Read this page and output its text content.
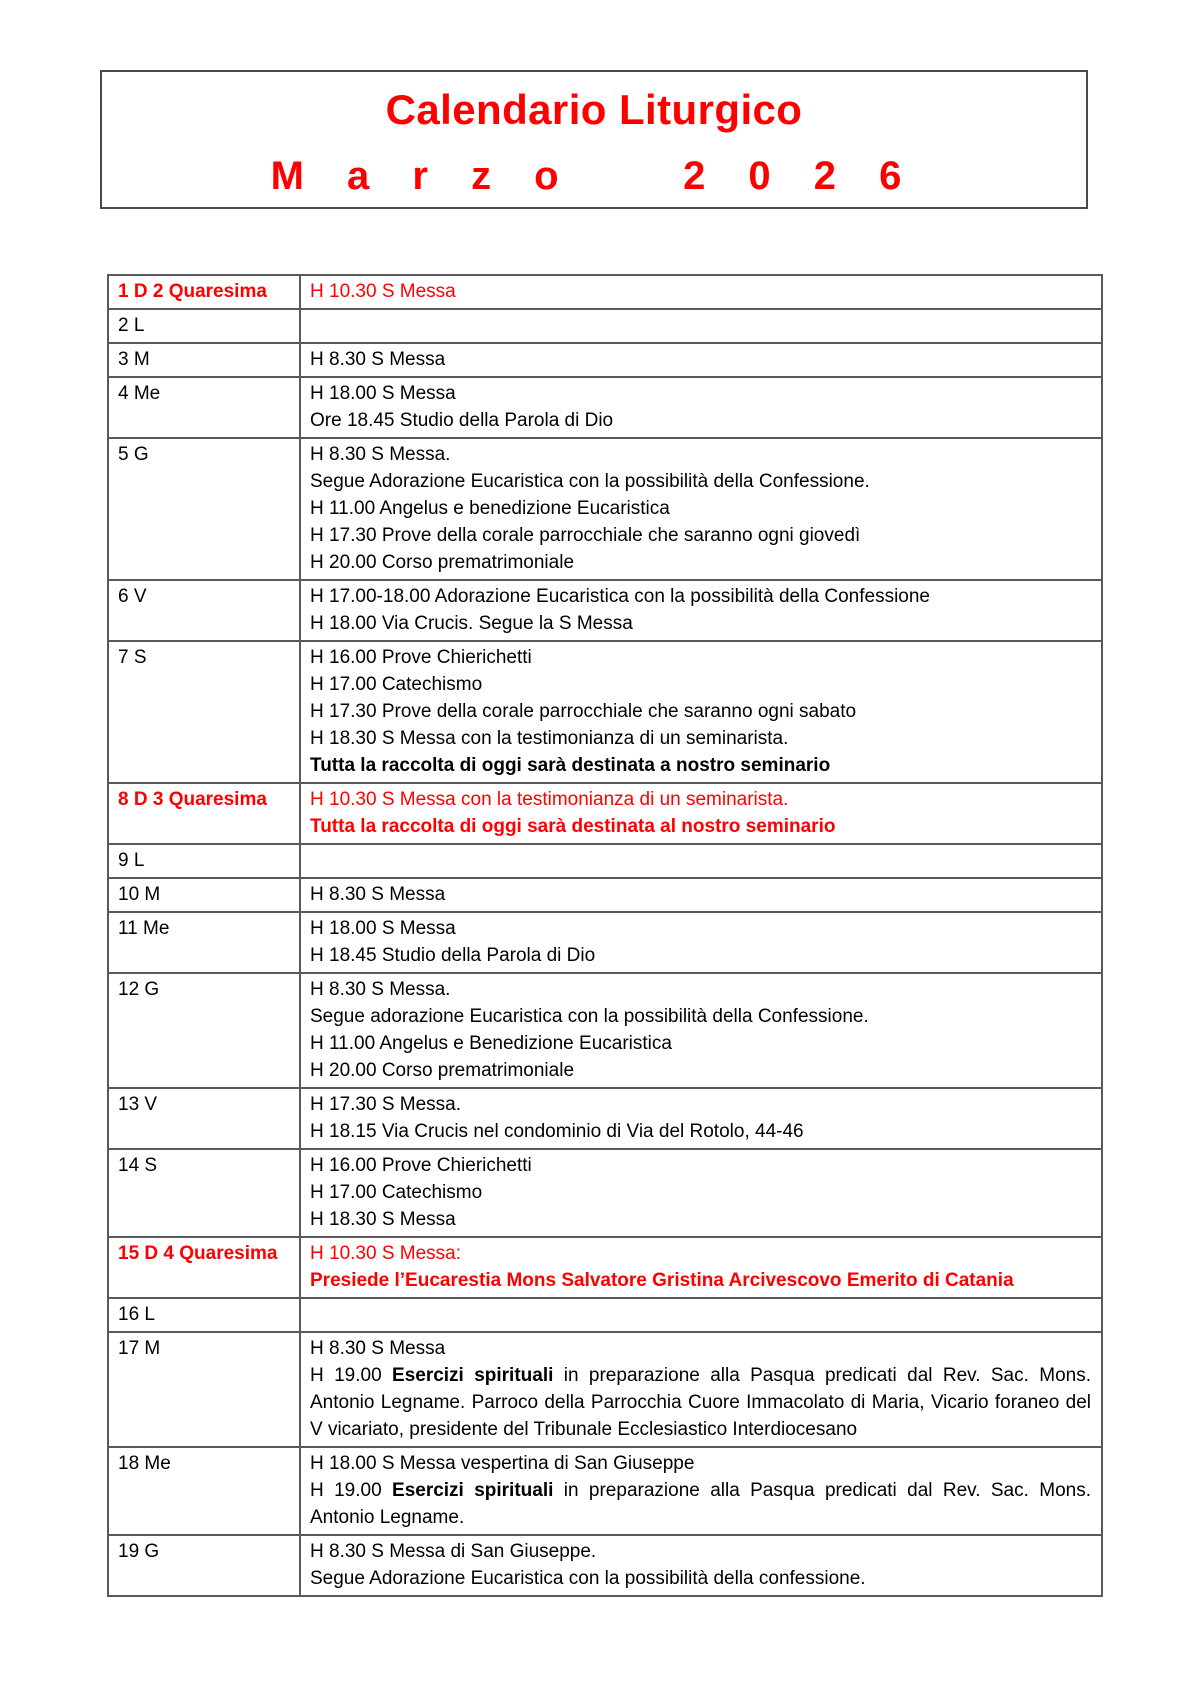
Calendario Liturgico
M a r z o    2 0 2 6
1 D 2 Quaresima	H 10.30 S Messa

2 L	
3 M	H 8.30 S Messa

4 Me	H 18.00 S Messa
Ore 18.45 Studio della Parola di Dio

5 G	H 8.30 S Messa.
Segue Adorazione Eucaristica con la possibilità della Confessione.
H 11.00 Angelus e benedizione Eucaristica
H 17.30 Prove della corale parrocchiale che saranno ogni giovedì
H 20.00 Corso prematrimoniale

6 V	H 17.00-18.00 Adorazione Eucaristica con la possibilità della Confessione
H 18.00 Via Crucis. Segue la S Messa

7 S	H 16.00 Prove Chierichetti
H 17.00 Catechismo
H 17.30 Prove della corale parrocchiale che saranno ogni sabato
H 18.30 S Messa con la testimonianza di un seminarista.
Tutta la raccolta di oggi sarà destinata a nostro seminario

8 D 3 Quaresima	H 10.30 S Messa con la testimonianza di un seminarista.
Tutta la raccolta di oggi sarà destinata al nostro seminario

9 L	
10 M	H 8.30 S Messa

11 Me	H 18.00 S Messa
H 18.45 Studio della Parola di Dio

12 G	H 8.30 S Messa.
Segue adorazione Eucaristica con la possibilità della Confessione.
H 11.00 Angelus e Benedizione Eucaristica
H 20.00 Corso prematrimoniale

13 V	H 17.30 S Messa.
H 18.15 Via Crucis nel condominio di Via del Rotolo, 44-46

14 S	H 16.00 Prove Chierichetti
H 17.00 Catechismo
H 18.30 S Messa

15 D 4 Quaresima	H 10.30 S Messa:
Presiede l’Eucarestia Mons Salvatore Gristina Arcivescovo Emerito di Catania

16 L	
17 M	H 8.30 S Messa
H 19.00 Esercizi spirituali in preparazione alla Pasqua predicati dal Rev. Sac. Mons. Antonio Legname. Parroco della Parrocchia Cuore Immacolato di Maria, Vicario foraneo del V vicariato, presidente del Tribunale Ecclesiastico Interdiocesano

18 Me	H 18.00 S Messa vespertina di San Giuseppe
H 19.00 Esercizi spirituali in preparazione alla Pasqua predicati dal Rev. Sac. Mons. Antonio Legname.

19 G	H 8.30 S Messa di San Giuseppe.
Segue Adorazione Eucaristica con la possibilità della confessione.
